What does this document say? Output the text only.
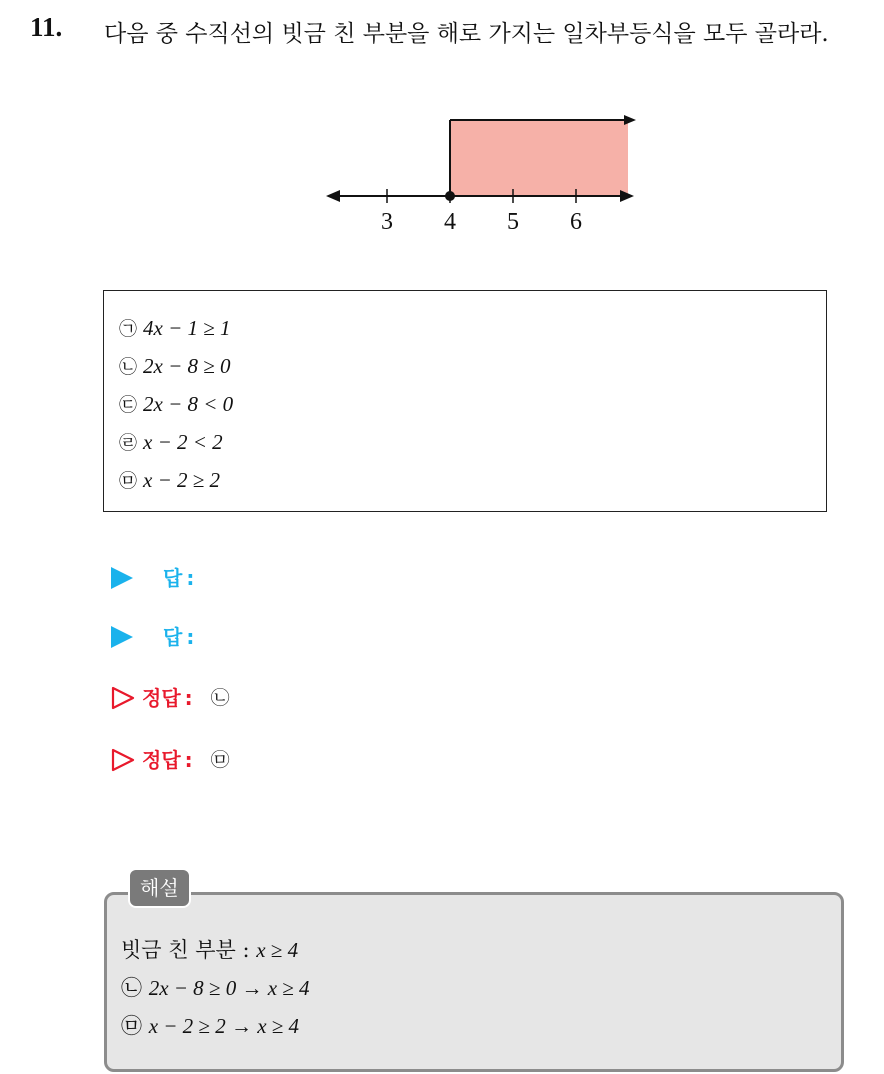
11. 다음 중 수직선의 빗금 친 부분을 해로 가지는 일차부등식을 모두 골라라.
3 4 5 6
㉠ 4x − 1 ≥ 1
㉡ 2x − 8 ≥ 0
㉢ 2x − 8 < 0
㉣ x − 2 < 2
㉤ x − 2 ≥ 2
답 :
답 :
정답 : ㉡
정답 : ㉤
빗금 친 부분 : x ≥ 4
㉡ 2x − 8 ≥ 0 → x ≥ 4
㉤ x − 2 ≥ 2 → x ≥ 4
해설
